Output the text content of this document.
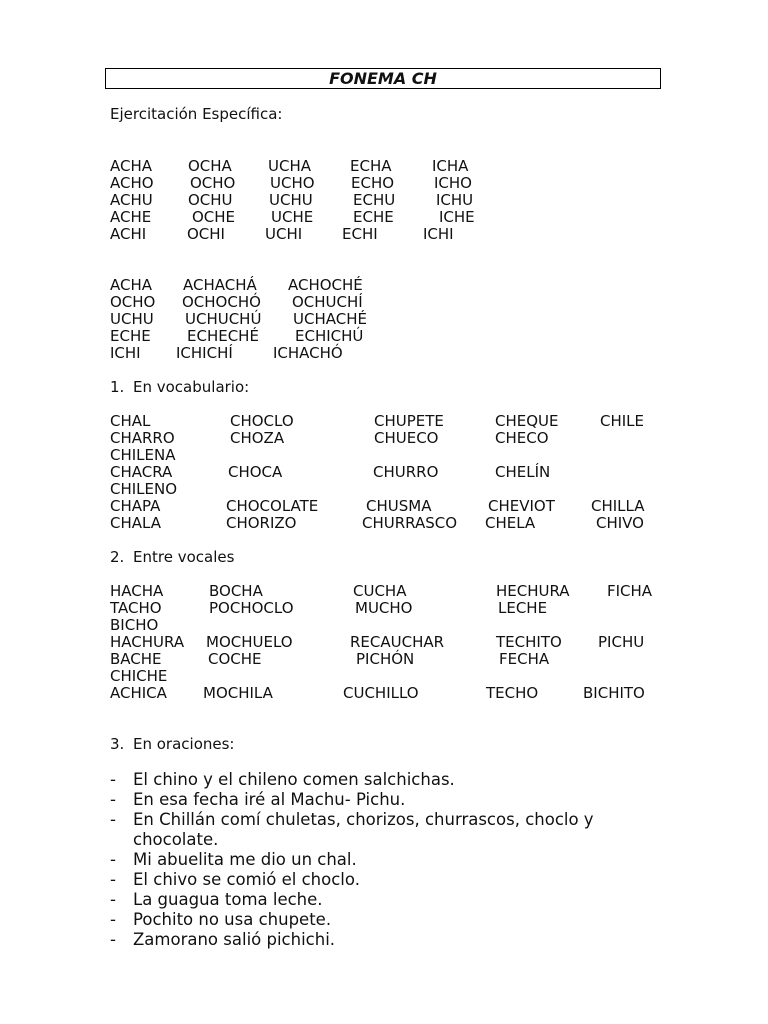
FONEMA CH
Ejercitación Específica:
ACHA OCHA UCHA	ECHA	ICHA
ACHO OCHO UCHO ECHO	ICHO
ACHU OCHU UCHU	ECHU	ICHU
ACHE	OCHE UCHE	ECHE	ICHE
ACHI	OCHI	UCHI	ECHI	ICHI
ACHA ACHACHÁ ACHOCHÉ
OCHO OCHOCHÓ OCHUCHÍ
UCHU UCHUCHÚ UCHACHÉ
ECHE ECHECHÉ ECHICHÚ
ICHI ICHICHÍ	ICHACHÓ
1. En vocabulario:
CHAL	CHOCLO	CHUPETE	CHEQUE	CHILE
CHARRO	CHOZA	CHUECO	CHECO
CHILENA
CHACRA	CHOCA	CHURRO	CHELÍN
CHILENO
CHAPA	CHOCOLATE	CHUSMA	CHEVIOT CHILLA
CHALA	CHORIZO	CHURRASCO CHELA	CHIVO
2. Entre vocales
HACHA	BOCHA	CUCHA	HECHURA FICHA
TACHO	POCHOCLO	MUCHO	LECHE
BICHO
HACHURA MOCHUELO	RECAUCHAR	TECHITO PICHU
BACHE	COCHE	PICHÓN	FECHA
CHICHE
ACHICA MOCHILA	CUCHILLO	TECHO	BICHITO
3. En oraciones:
- El chino y el chileno comen salchichas.
- En esa fecha iré al Machu- Pichu.
- En Chillán comí chuletas, chorizos, churrascos, choclo y
chocolate.
- Mi abuelita me dio un chal.
- El chivo se comió el choclo.
- La guagua toma leche.
- Pochito no usa chupete.
- Zamorano salió pichichi.
